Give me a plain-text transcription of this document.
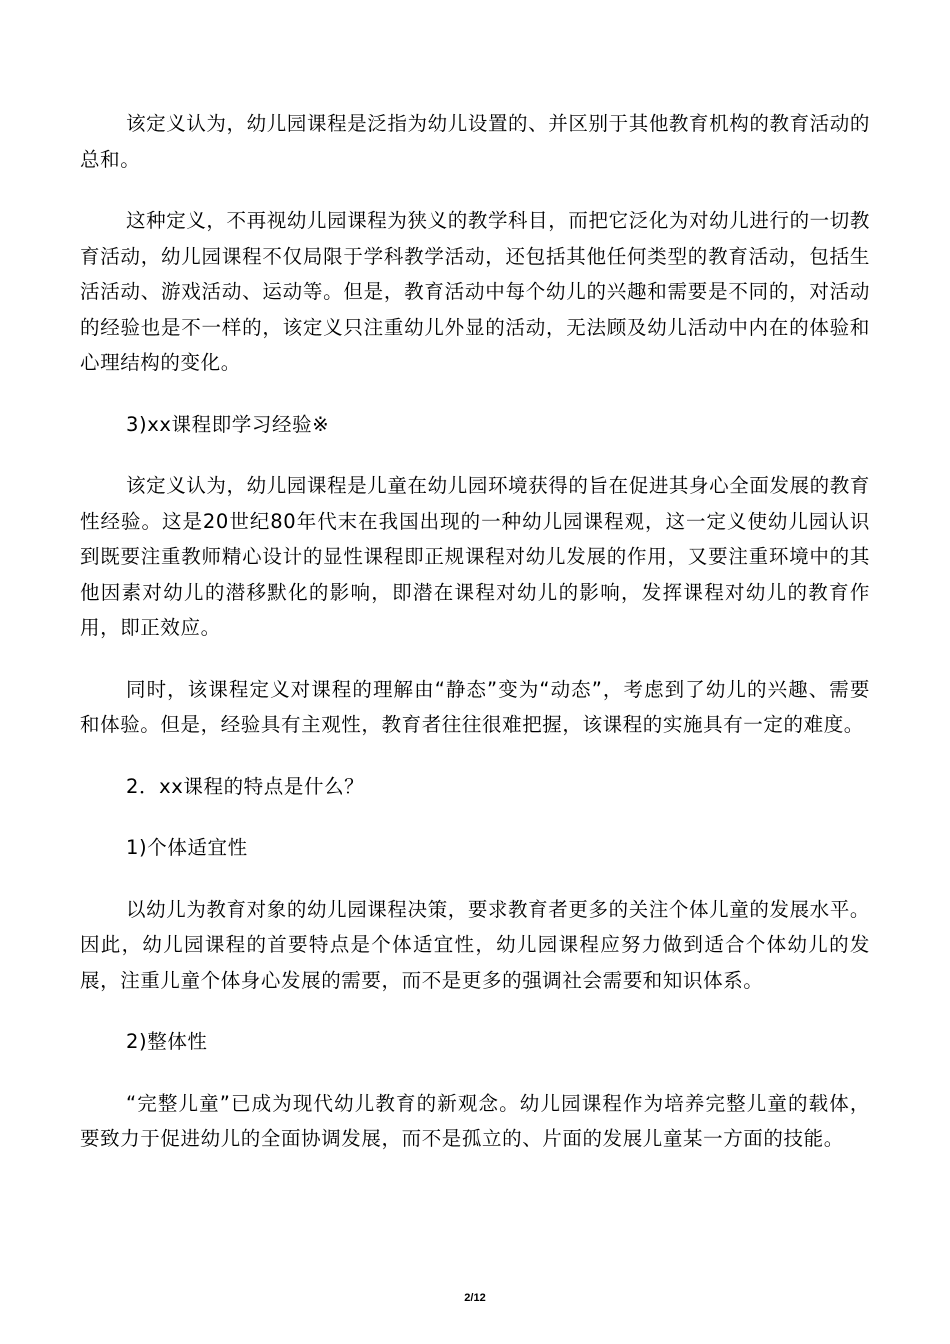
该定义认为，幼儿园课程是泛指为幼儿设置的、并区别于其他教育机构的教育活动的总和。

这种定义，不再视幼儿园课程为狭义的教学科目，而把它泛化为对幼儿进行的一切教育活动，幼儿园课程不仅局限于学科教学活动，还包括其他任何类型的教育活动，包括生活活动、游戏活动、运动等。但是，教育活动中每个幼儿的兴趣和需要是不同的，对活动的经验也是不一样的，该定义只注重幼儿外显的活动，无法顾及幼儿活动中内在的体验和心理结构的变化。

3)xx课程即学习经验※

该定义认为，幼儿园课程是儿童在幼儿园环境获得的旨在促进其身心全面发展的教育性经验。这是20世纪80年代末在我国出现的一种幼儿园课程观，这一定义使幼儿园认识到既要注重教师精心设计的显性课程即正规课程对幼儿发展的作用，又要注重环境中的其他因素对幼儿的潜移默化的影响，即潜在课程对幼儿的影响，发挥课程对幼儿的教育作用，即正效应。

同时，该课程定义对课程的理解由“静态”变为“动态”，考虑到了幼儿的兴趣、需要和体验。但是，经验具有主观性，教育者往往很难把握，该课程的实施具有一定的难度。

2．xx课程的特点是什么？

1)个体适宜性

以幼儿为教育对象的幼儿园课程决策，要求教育者更多的关注个体儿童的发展水平。因此，幼儿园课程的首要特点是个体适宜性，幼儿园课程应努力做到适合个体幼儿的发展，注重儿童个体身心发展的需要，而不是更多的强调社会需要和知识体系。

2)整体性

“完整儿童”已成为现代幼儿教育的新观念。幼儿园课程作为培养完整儿童的载体，要致力于促进幼儿的全面协调发展，而不是孤立的、片面的发展儿童某一方面的技能。

2/12
